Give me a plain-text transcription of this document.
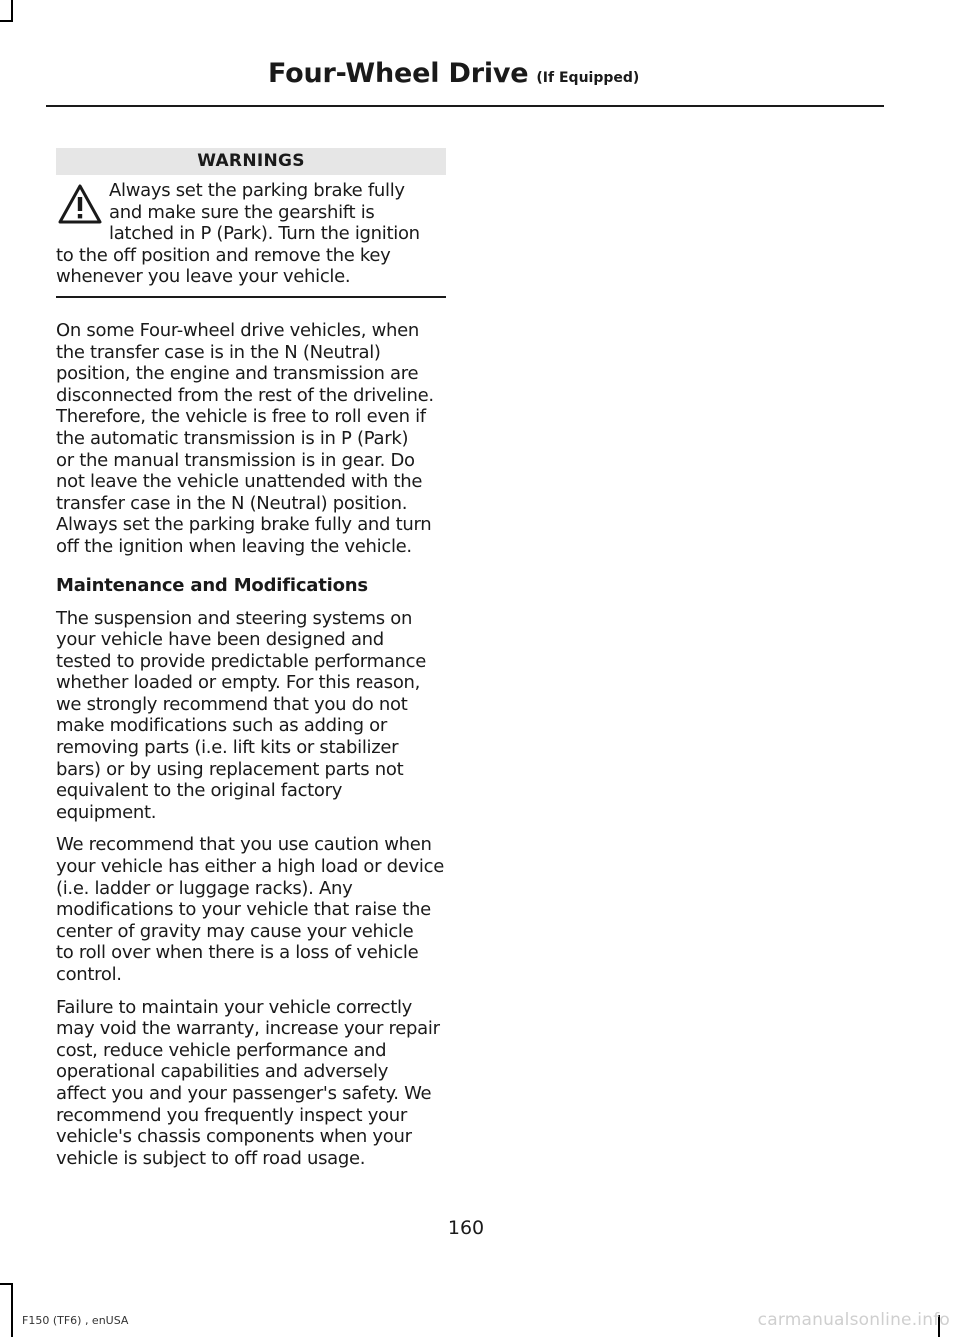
Four-Wheel Drive (If Equipped)
WARNINGS
Always set the parking brake fully
and make sure the gearshift is
latched in P (Park). Turn the ignition
to the off position and remove the key
whenever you leave your vehicle.
On some Four-wheel drive vehicles, when
the transfer case is in the N (Neutral)
position, the engine and transmission are
disconnected from the rest of the driveline.
Therefore, the vehicle is free to roll even if
the automatic transmission is in P (Park)
or the manual transmission is in gear. Do
not leave the vehicle unattended with the
transfer case in the N (Neutral) position.
Always set the parking brake fully and turn
off the ignition when leaving the vehicle.
Maintenance and Modifications
The suspension and steering systems on
your vehicle have been designed and
tested to provide predictable performance
whether loaded or empty. For this reason,
we strongly recommend that you do not
make modifications such as adding or
removing parts (i.e. lift kits or stabilizer
bars) or by using replacement parts not
equivalent to the original factory
equipment.
We recommend that you use caution when
your vehicle has either a high load or device
(i.e. ladder or luggage racks). Any
modifications to your vehicle that raise the
center of gravity may cause your vehicle
to roll over when there is a loss of vehicle
control.
Failure to maintain your vehicle correctly
may void the warranty, increase your repair
cost, reduce vehicle performance and
operational capabilities and adversely
affect you and your passenger's safety. We
recommend you frequently inspect your
vehicle's chassis components when your
vehicle is subject to off road usage.
160
F150 (TF6) , enUSA	carmanualsonline.info
